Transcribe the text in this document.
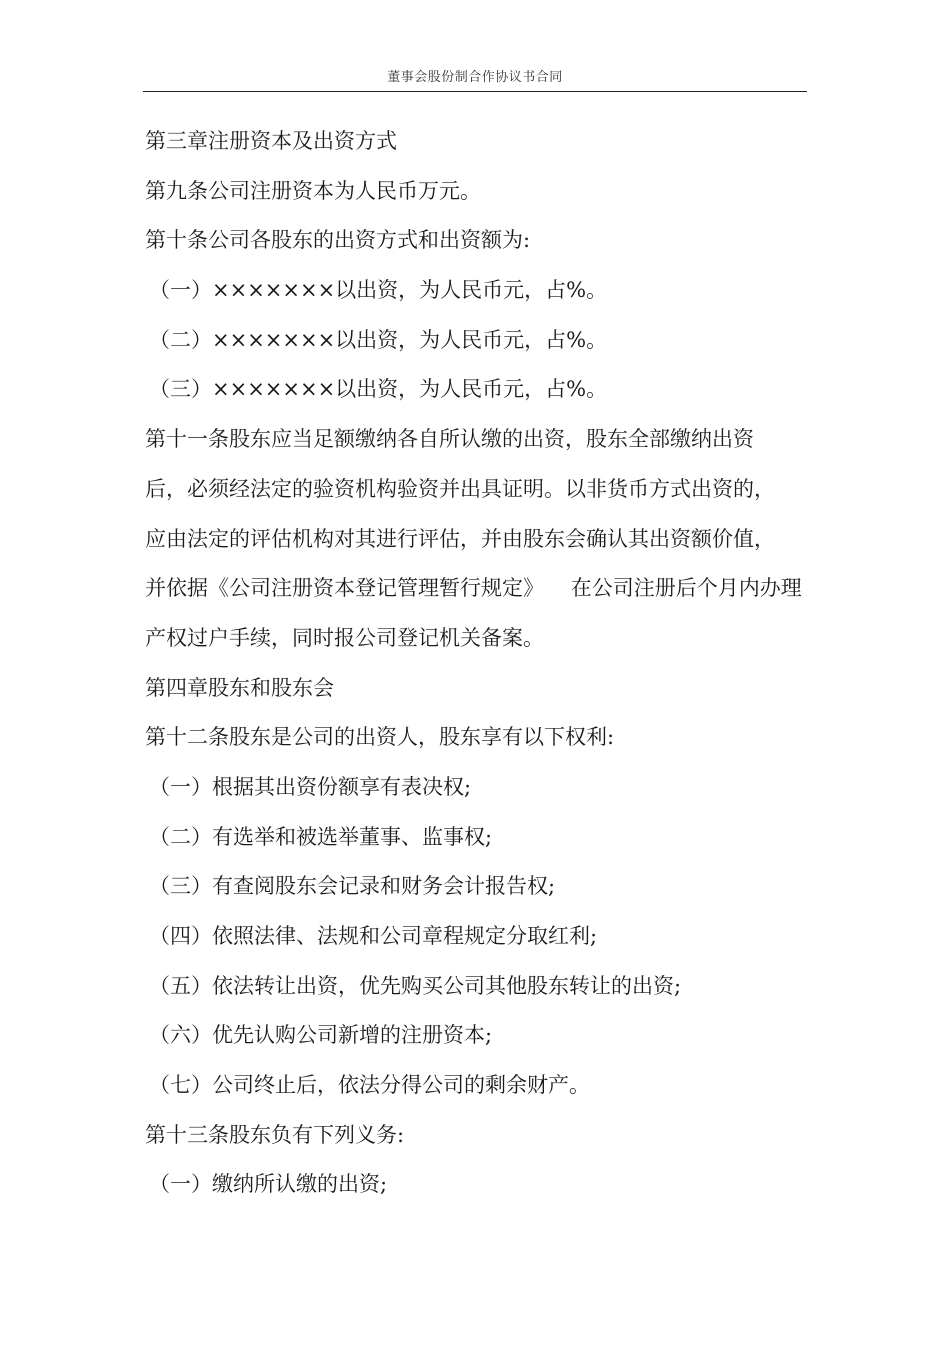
董事会股份制合作协议书合同
第三章注册资本及出资方式
第九条公司注册资本为人民币万元。
第十条公司各股东的出资方式和出资额为:
（一）×××××××以出资，为人民币元，占%。
（二）×××××××以出资，为人民币元，占%。
（三）×××××××以出资，为人民币元，占%。
第十一条股东应当足额缴纳各自所认缴的出资，股东全部缴纳出资
后，必须经法定的验资机构验资并出具证明。以非货币方式出资的，
应由法定的评估机构对其进行评估，并由股东会确认其出资额价值，
并依据《公司注册资本登记管理暂行规定》    在公司注册后个月内办理
产权过户手续，同时报公司登记机关备案。
第四章股东和股东会
第十二条股东是公司的出资人，股东享有以下权利:
（一）根据其出资份额享有表决权;
（二）有选举和被选举董事、监事权;
（三）有查阅股东会记录和财务会计报告权;
（四）依照法律、法规和公司章程规定分取红利;
（五）依法转让出资，优先购买公司其他股东转让的出资;
（六）优先认购公司新增的注册资本;
（七）公司终止后，依法分得公司的剩余财产。
第十三条股东负有下列义务:
（一）缴纳所认缴的出资;
